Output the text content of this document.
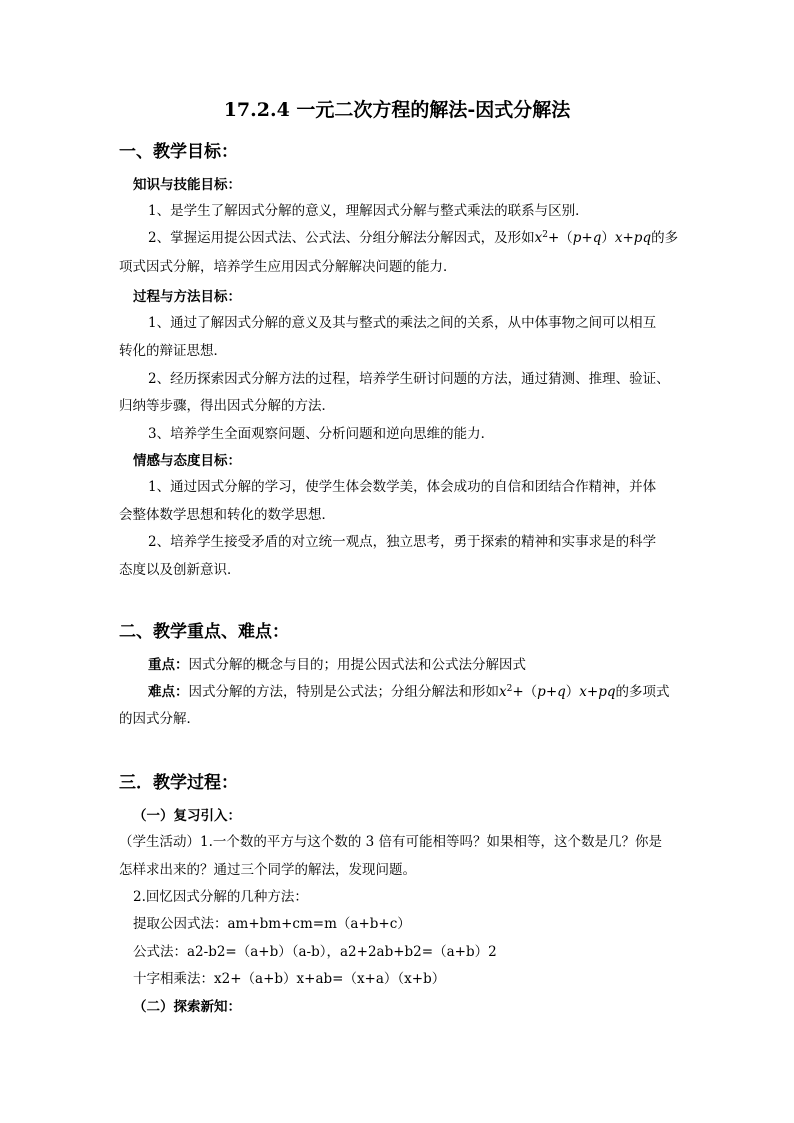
17.2.4 一元二次方程的解法-因式分解法
一、教学目标：
知识与技能目标：
1、是学生了解因式分解的意义，理解因式分解与整式乘法的联系与区别．
2、掌握运用提公因式法、公式法、分组分解法分解因式，及形如$x^2+(p+q)x+pq$的多
项式因式分解，培养学生应用因式分解解决问题的能力．
过程与方法目标：
1、通过了解因式分解的意义及其与整式的乘法之间的关系，从中体事物之间可以相互
转化的辩证思想．
2、经历探索因式分解方法的过程，培养学生研讨问题的方法，通过猜测、推理、验证、
归纳等步骤，得出因式分解的方法．
3、培养学生全面观察问题、分析问题和逆向思维的能力．
情感与态度目标：
1、通过因式分解的学习，使学生体会数学美，体会成功的自信和团结合作精神，并体
会整体数学思想和转化的数学思想．
2、培养学生接受矛盾的对立统一观点，独立思考，勇于探索的精神和实事求是的科学
态度以及创新意识．
二、教学重点、难点：
重点：因式分解的概念与目的；用提公因式法和公式法分解因式
难点：因式分解的方法，特别是公式法；分组分解法和形如$x^2+(p+q)x+pq$的多项式
的因式分解．
三．教学过程：
（一）复习引入：
（学生活动）1.一个数的平方与这个数的 3 倍有可能相等吗？如果相等，这个数是几？你是
怎样求出来的？通过三个同学的解法，发现问题。
2.回忆因式分解的几种方法：
提取公因式法：am+bm+cm=m（a+b+c）
公式法：a2-b2=（a+b）（a-b），a2+2ab+b2=（a+b）2
十字相乘法：x2+（a+b）x+ab=（x+a）（x+b）
（二）探索新知：
